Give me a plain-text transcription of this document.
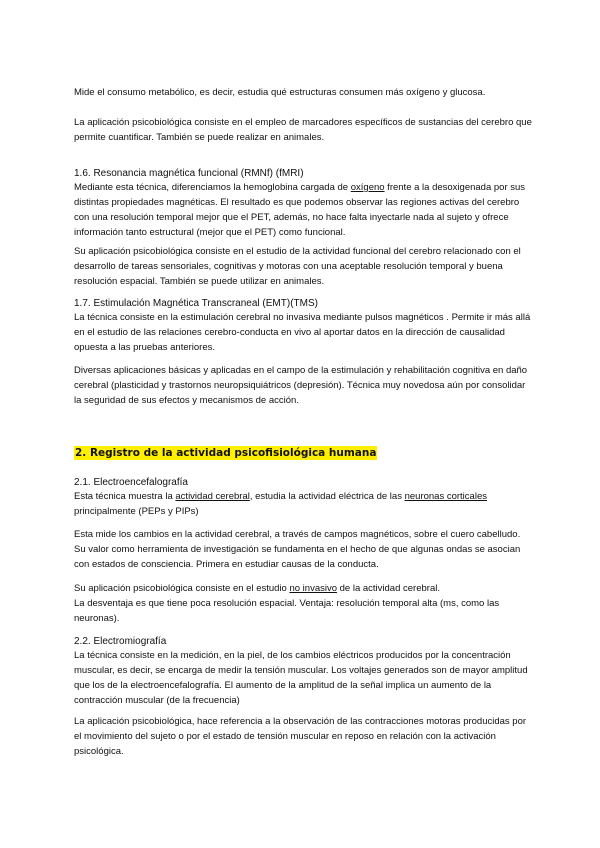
Mide el consumo metabólico, es decir, estudia qué estructuras consumen más oxígeno y glucosa.

La aplicación psicobiológica consiste en el empleo de marcadores específicos de sustancias del cerebro que permite cuantificar. También se puede realizar en animales.

1.6. Resonancia magnética funcional (RMNf) (fMRI)

Mediante esta técnica, diferenciamos la hemoglobina cargada de oxígeno frente a la desoxigenada por sus distintas propiedades magnéticas. El resultado es que podemos observar las regiones activas del cerebro con una resolución temporal mejor que el PET, además, no hace falta inyectarle nada al sujeto y ofrece información tanto estructural (mejor que el PET) como funcional.

Su aplicación psicobiológica consiste en el estudio de la actividad funcional del cerebro relacionado con el desarrollo de tareas sensoriales, cognitivas y motoras con una aceptable resolución temporal y buena resolución espacial. También se puede utilizar en animales.

1.7. Estimulación Magnética Transcraneal (EMT)(TMS)

La técnica consiste en la estimulación cerebral no invasiva mediante pulsos magnéticos . Permite ir más allá en el estudio de las relaciones cerebro-conducta en vivo al aportar datos en la dirección de causalidad opuesta a las pruebas anteriores.

Diversas aplicaciones básicas y aplicadas en el campo de la estimulación y rehabilitación cognitiva en daño cerebral (plasticidad y trastornos neuropsiquiátricos (depresión). Técnica muy novedosa aún por consolidar la seguridad de sus efectos y mecanismos de acción.

2. Registro de la actividad psicofisiológica humana

2.1. Electroencefalografía

Esta técnica muestra la actividad cerebral, estudia la actividad eléctrica de las neuronas corticales principalmente (PEPs y PIPs)

Esta mide los cambios en la actividad cerebral, a través de campos magnéticos, sobre el cuero cabelludo. Su valor como herramienta de investigación se fundamenta en el hecho de que algunas ondas se asocian con estados de consciencia. Primera en estudiar causas de la conducta.

Su aplicación psicobiológica consiste en el estudio no invasivo de la actividad cerebral.

La desventaja es que tiene poca resolución espacial. Ventaja: resolución temporal alta (ms, como las neuronas).

2.2. Electromiografía

La técnica consiste en la medición, en la piel, de los cambios eléctricos producidos por la concentración muscular, es decir, se encarga de medir la tensión muscular. Los voltajes generados son de mayor amplitud que los de la electroencefalografía. El aumento de la amplitud de la señal implica un aumento de la contracción muscular (de la frecuencia)

La aplicación psicobiológica, hace referencia a la observación de las contracciones motoras producidas por el movimiento del sujeto o por el estado de tensión muscular en reposo en relación con la activación psicológica.
